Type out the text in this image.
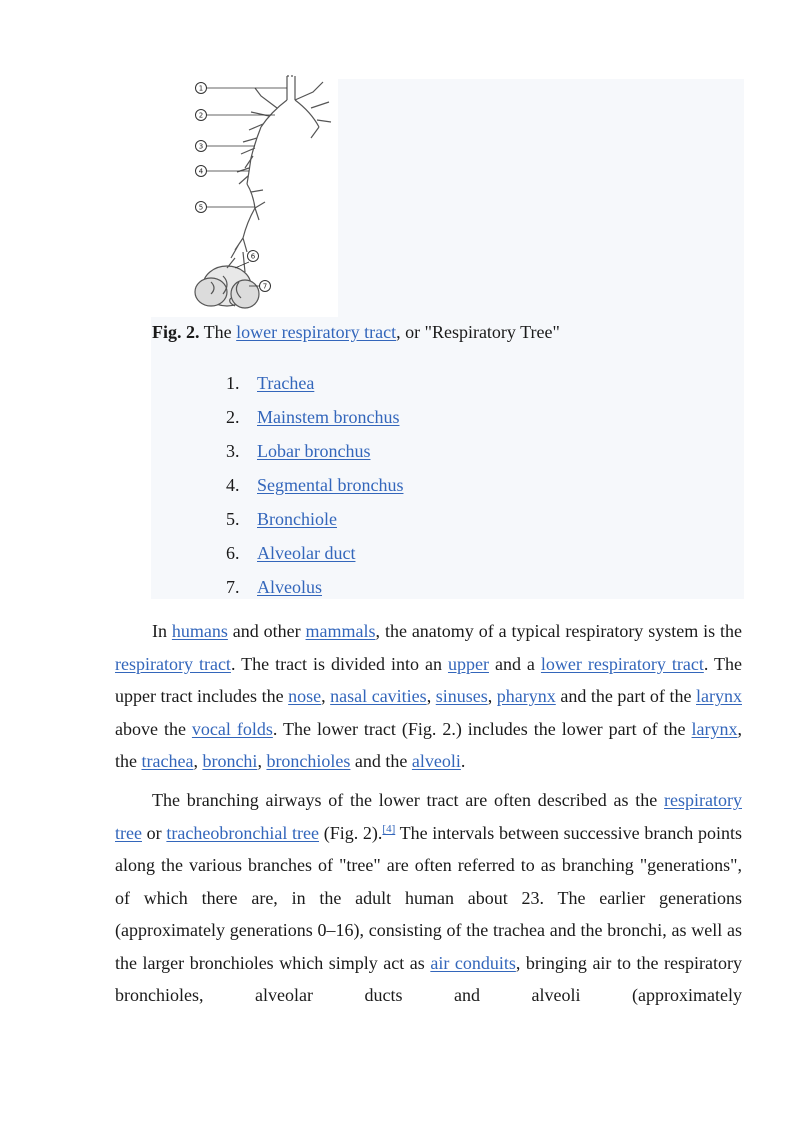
1
2
3
4
5
6
7
Fig. 2. The lower respiratory tract, or "Respiratory Tree"
1. Trachea
2. Mainstem bronchus
3. Lobar bronchus
4. Segmental bronchus
5. Bronchiole
6. Alveolar duct
7. Alveolus

In humans and other mammals, the anatomy of a typical respiratory system is the respiratory tract. The tract is divided into an upper and a lower respiratory tract. The upper tract includes the nose, nasal cavities, sinuses, pharynx and the part of the larynx above the vocal folds. The lower tract (Fig. 2.) includes the lower part of the larynx, the trachea, bronchi, bronchioles and the alveoli.

The branching airways of the lower tract are often described as the respiratory tree or tracheobronchial tree (Fig. 2).[4] The intervals between successive branch points along the various branches of "tree" are often referred to as branching "generations", of which there are, in the adult human about 23. The earlier generations (approximately generations 0–16), consisting of the trachea and the bronchi, as well as the larger bronchioles which simply act as air conduits, bringing air to the respiratory bronchioles, alveolar ducts and alveoli (approximately
